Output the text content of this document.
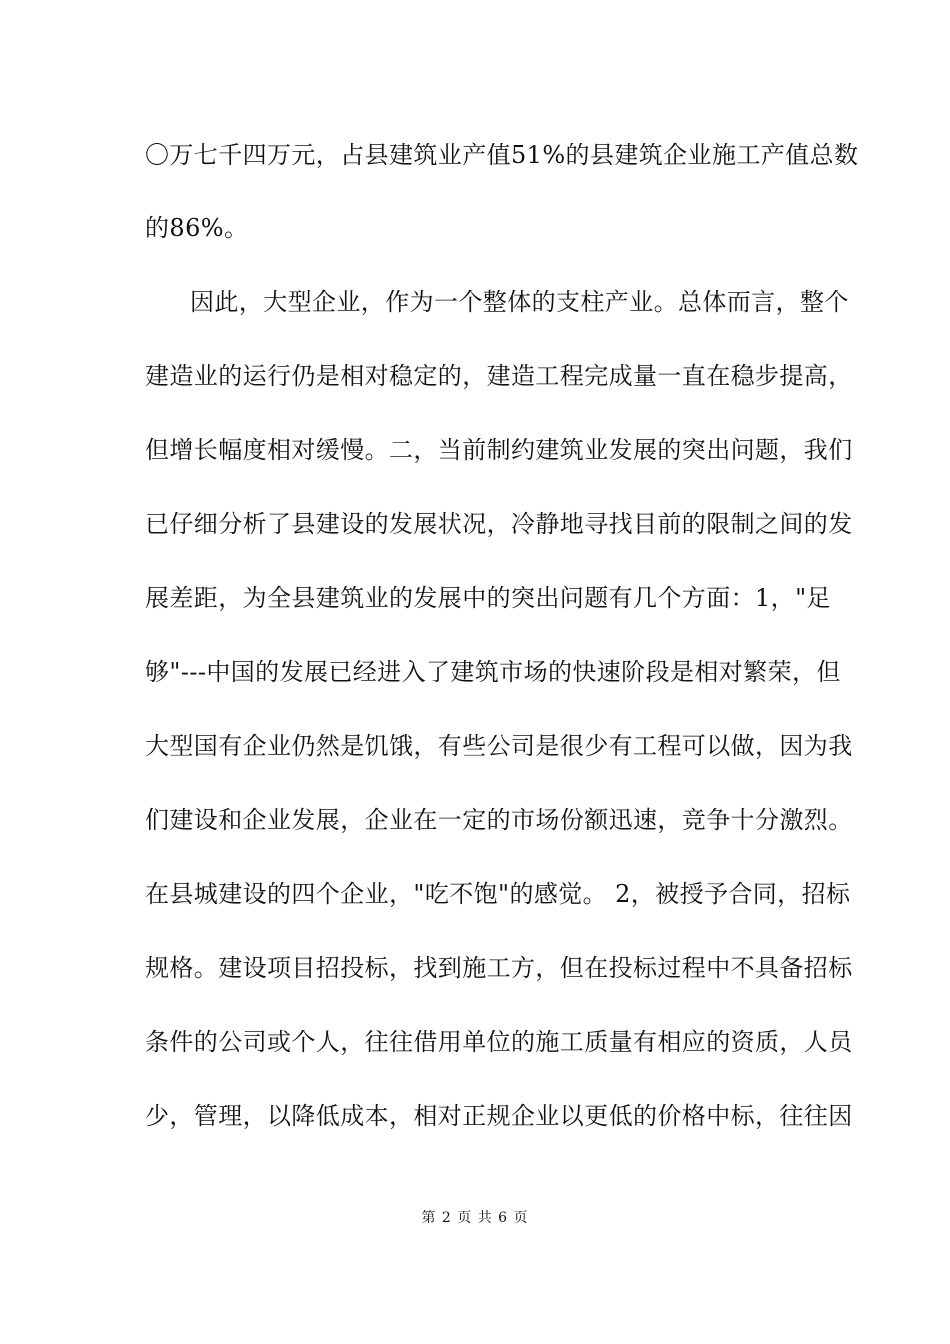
〇万七千四万元，占县建筑业产值51%的县建筑企业施工产值总数
的86%。
因此，大型企业，作为一个整体的支柱产业。总体而言，整个
建造业的运行仍是相对稳定的，建造工程完成量一直在稳步提高，
但增长幅度相对缓慢。二，当前制约建筑业发展的突出问题，我们
已仔细分析了县建设的发展状况，冷静地寻找目前的限制之间的发
展差距，为全县建筑业的发展中的突出问题有几个方面：1，"足
够"---中国的发展已经进入了建筑市场的快速阶段是相对繁荣，但
大型国有企业仍然是饥饿，有些公司是很少有工程可以做，因为我
们建设和企业发展，企业在一定的市场份额迅速，竞争十分激烈。
在县城建设的四个企业，"吃不饱"的感觉。 2，被授予合同，招标
规格。建设项目招投标，找到施工方，但在投标过程中不具备招标
条件的公司或个人，往往借用单位的施工质量有相应的资质，人员
少，管理，以降低成本，相对正规企业以更低的价格中标，往往因
第 2 页 共 6 页
